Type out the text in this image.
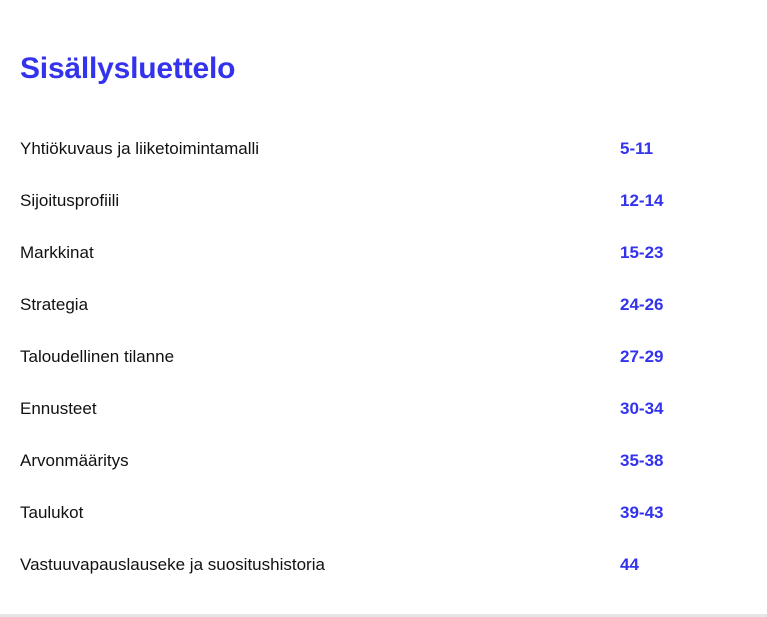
Sisällysluettelo
Yhtiökuvaus ja liiketoimintamalli	5-11
Sijoitusprofiili	12-14
Markkinat	15-23
Strategia	24-26
Taloudellinen tilanne	27-29
Ennusteet	30-34
Arvonmääritys	35-38
Taulukot	39-43
Vastuuvapauslauseke ja suositushistoria	44
